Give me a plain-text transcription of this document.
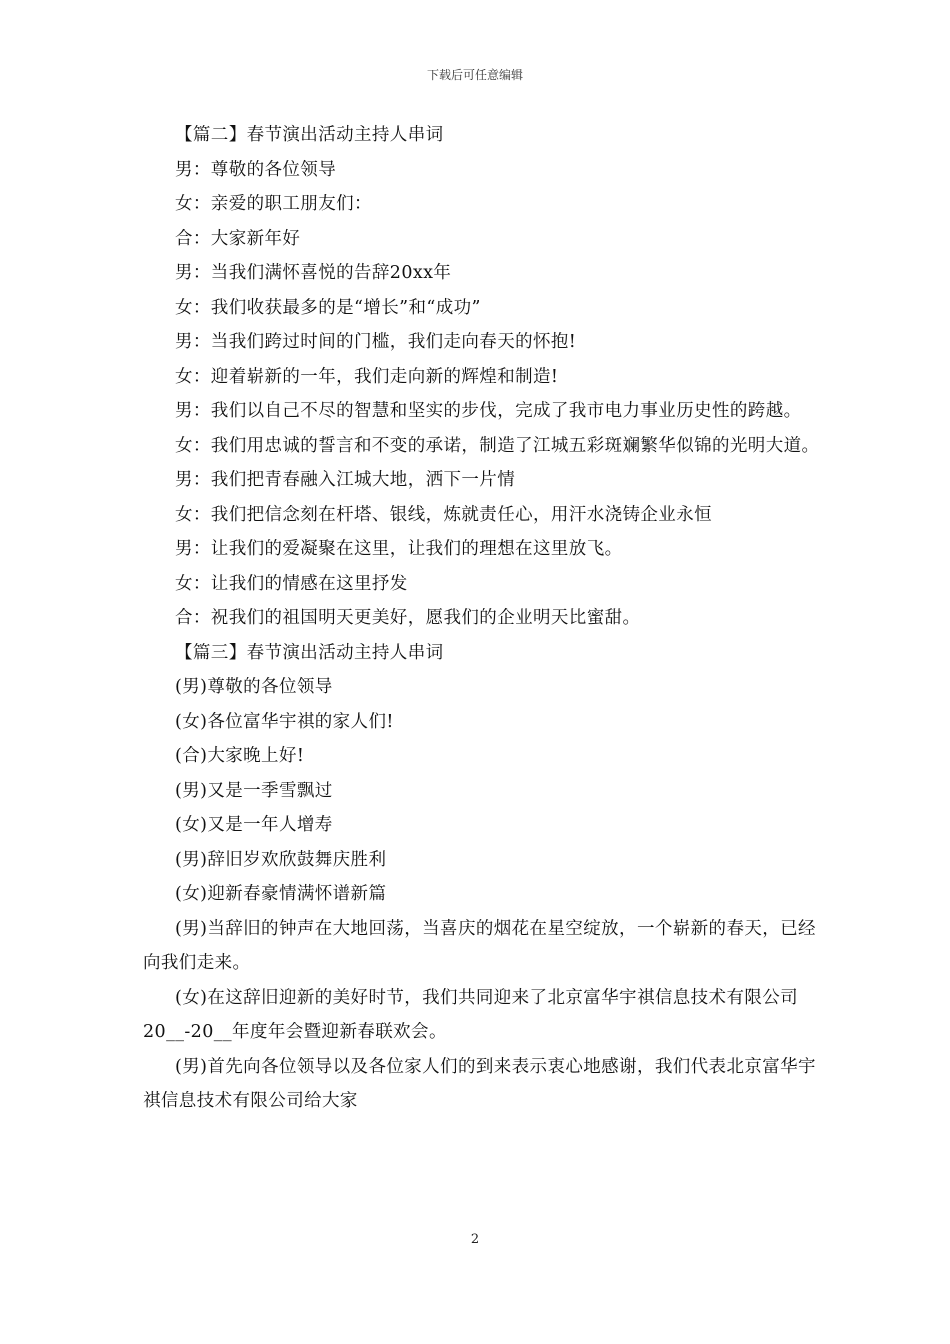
下载后可任意编辑

【篇二】春节演出活动主持人串词

男：尊敬的各位领导

女：亲爱的职工朋友们：

合：大家新年好

男：当我们满怀喜悦的告辞20xx年

女：我们收获最多的是“增长”和“成功”

男：当我们跨过时间的门槛，我们走向春天的怀抱!

女：迎着崭新的一年，我们走向新的辉煌和制造!

男：我们以自己不尽的智慧和坚实的步伐，完成了我市电力事业历史性的跨越。

女：我们用忠诚的誓言和不变的承诺，制造了江城五彩斑斓繁华似锦的光明大道。

男：我们把青春融入江城大地，洒下一片情

女：我们把信念刻在杆塔、银线，炼就责任心，用汗水浇铸企业永恒

男：让我们的爱凝聚在这里，让我们的理想在这里放飞。

女：让我们的情感在这里抒发

合：祝我们的祖国明天更美好，愿我们的企业明天比蜜甜。

【篇三】春节演出活动主持人串词

(男)尊敬的各位领导

(女)各位富华宇祺的家人们!

(合)大家晚上好!

(男)又是一季雪飘过

(女)又是一年人增寿

(男)辞旧岁欢欣鼓舞庆胜利

(女)迎新春豪情满怀谱新篇

(男)当辞旧的钟声在大地回荡，当喜庆的烟花在星空绽放，一个崭新的春天，已经向我们走来。

(女)在这辞旧迎新的美好时节，我们共同迎来了北京富华宇祺信息技术有限公司20__-20__年度年会暨迎新春联欢会。

(男)首先向各位领导以及各位家人们的到来表示衷心地感谢，我们代表北京富华宇祺信息技术有限公司给大家

2
